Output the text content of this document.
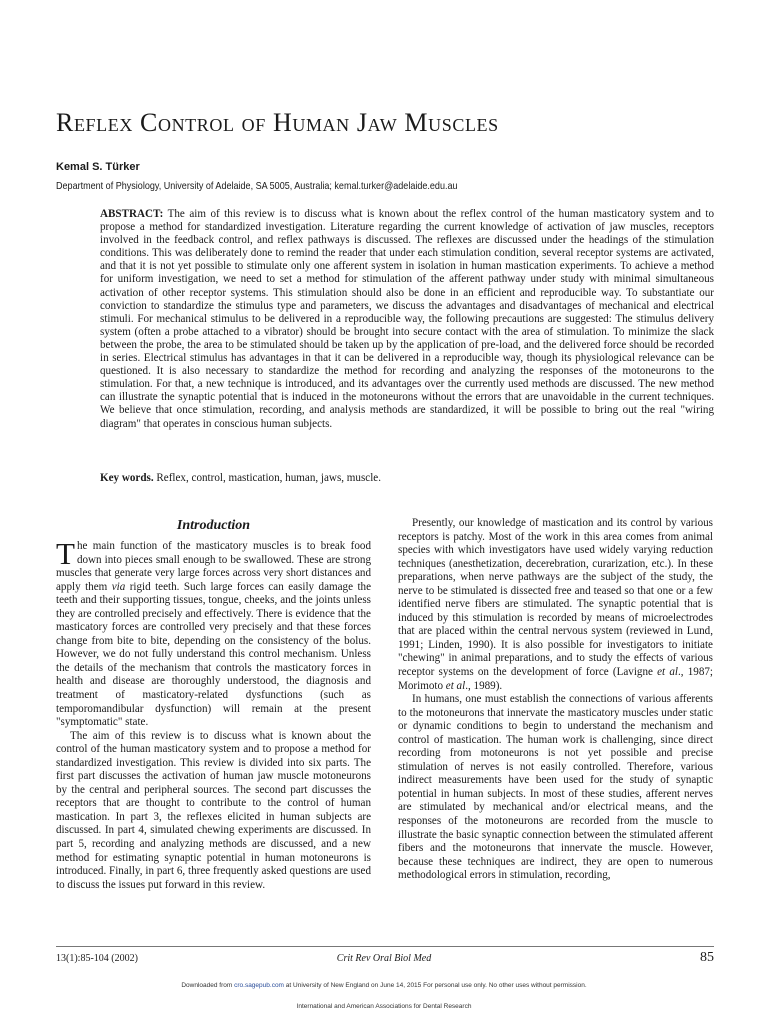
Reflex Control of Human Jaw Muscles

Kemal S. Türker

Department of Physiology, University of Adelaide, SA 5005, Australia; kemal.turker@adelaide.edu.au

ABSTRACT: The aim of this review is to discuss what is known about the reflex control of the human masticatory system and to propose a method for standardized investigation. Literature regarding the current knowledge of activation of jaw muscles, receptors involved in the feedback control, and reflex pathways is discussed. The reflexes are discussed under the headings of the stimulation conditions. This was deliberately done to remind the reader that under each stimulation condition, several receptor systems are activated, and that it is not yet possible to stimulate only one afferent system in isolation in human mastication experiments. To achieve a method for uniform investigation, we need to set a method for stimulation of the afferent pathway under study with minimal simultaneous activation of other receptor systems. This stimulation should also be done in an efficient and reproducible way. To substantiate our conviction to standardize the stimulus type and parameters, we discuss the advantages and disadvantages of mechanical and electrical stimuli. For mechanical stimulus to be delivered in a reproducible way, the following precautions are suggested: The stimulus delivery system (often a probe attached to a vibrator) should be brought into secure contact with the area of stimulation. To minimize the slack between the probe, the area to be stimulated should be taken up by the application of pre-load, and the delivered force should be recorded in series. Electrical stimulus has advantages in that it can be delivered in a reproducible way, though its physiological relevance can be questioned. It is also necessary to standardize the method for recording and analyzing the responses of the motoneurons to the stimulation. For that, a new technique is introduced, and its advantages over the currently used methods are discussed. The new method can illustrate the synaptic potential that is induced in the motoneurons without the errors that are unavoidable in the current techniques. We believe that once stimulation, recording, and analysis methods are standardized, it will be possible to bring out the real "wiring diagram" that operates in conscious human subjects.

Key words. Reflex, control, mastication, human, jaws, muscle.

Introduction

The main function of the masticatory muscles is to break food down into pieces small enough to be swallowed. These are strong muscles that generate very large forces across very short distances and apply them via rigid teeth. Such large forces can easily damage the teeth and their supporting tissues, tongue, cheeks, and the joints unless they are controlled precisely and effectively. There is evidence that the masticatory forces are controlled very precisely and that these forces change from bite to bite, depending on the consistency of the bolus. However, we do not fully understand this control mechanism. Unless the details of the mechanism that controls the masticatory forces in health and disease are thoroughly understood, the diagnosis and treatment of masticatory-related dysfunctions (such as temporomandibular dysfunction) will remain at the present "symptomatic" state.

The aim of this review is to discuss what is known about the control of the human masticatory system and to propose a method for standardized investigation. This review is divided into six parts. The first part discusses the activation of human jaw muscle motoneurons by the central and peripheral sources. The second part discusses the receptors that are thought to contribute to the control of human mastication. In part 3, the reflexes elicited in human subjects are discussed. In part 4, simulated chewing experiments are discussed. In part 5, recording and analyzing methods are discussed, and a new method for estimating synaptic potential in human motoneurons is introduced. Finally, in part 6, three frequently asked questions are used to discuss the issues put forward in this review.

Presently, our knowledge of mastication and its control by various receptors is patchy. Most of the work in this area comes from animal species with which investigators have used widely varying reduction techniques (anesthetization, decerebration, curarization, etc.). In these preparations, when nerve pathways are the subject of the study, the nerve to be stimulated is dissected free and teased so that one or a few identified nerve fibers are stimulated. The synaptic potential that is induced by this stimulation is recorded by means of microelectrodes that are placed within the central nervous system (reviewed in Lund, 1991; Linden, 1990). It is also possible for investigators to initiate "chewing" in animal preparations, and to study the effects of various receptor systems on the development of force (Lavigne et al., 1987; Morimoto et al., 1989).

In humans, one must establish the connections of various afferents to the motoneurons that innervate the masticatory muscles under static or dynamic conditions to begin to understand the mechanism and control of mastication. The human work is challenging, since direct recording from motoneurons is not yet possible and precise stimulation of nerves is not easily controlled. Therefore, various indirect measurements have been used for the study of synaptic potential in human subjects. In most of these studies, afferent nerves are stimulated by mechanical and/or electrical means, and the responses of the motoneurons are recorded from the muscle to illustrate the basic synaptic connection between the stimulated afferent fibers and the motoneurons that innervate the muscle. However, because these techniques are indirect, they are open to numerous methodological errors in stimulation, recording,

13(1):85-104 (2002)	Crit Rev Oral Biol Med	85

Downloaded from cro.sagepub.com at University of New England on June 14, 2015 For personal use only. No other uses without permission.

International and American Associations for Dental Research
